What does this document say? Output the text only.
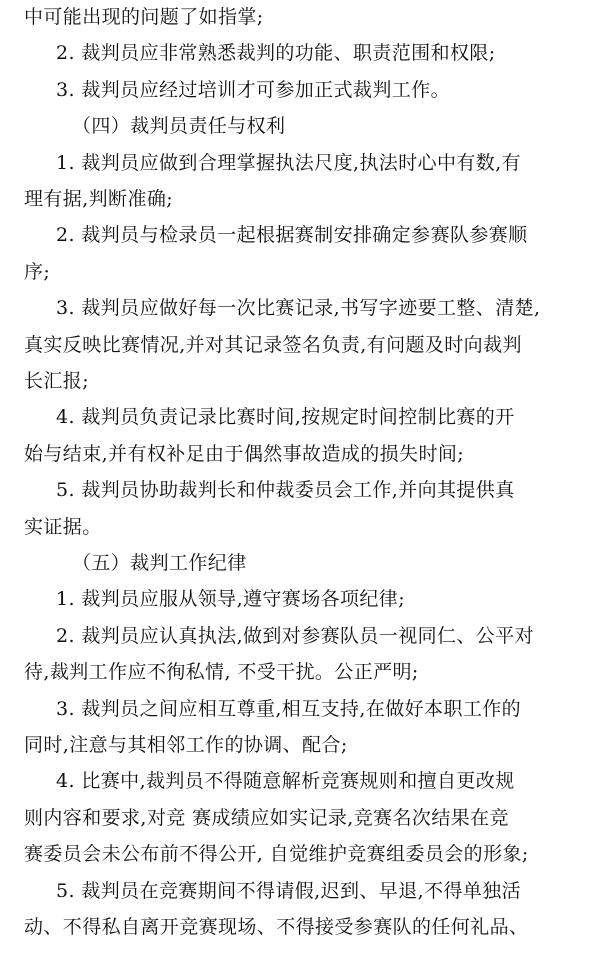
中可能出现的问题了如指掌;
2. 裁判员应非常熟悉裁判的功能、职责范围和权限;
3. 裁判员应经过培训才可参加正式裁判工作。
（四）裁判员责任与权利
1. 裁判员应做到合理掌握执法尺度,执法时心中有数,有
理有据,判断准确;
2. 裁判员与检录员一起根据赛制安排确定参赛队参赛顺
序;
3. 裁判员应做好每一次比赛记录,书写字迹要工整、清楚,
真实反映比赛情况,并对其记录签名负责,有问题及时向裁判
长汇报;
4. 裁判员负责记录比赛时间,按规定时间控制比赛的开
始与结束,并有权补足由于偶然事故造成的损失时间;
5. 裁判员协助裁判长和仲裁委员会工作,并向其提供真
实证据。
（五）裁判工作纪律
1. 裁判员应服从领导,遵守赛场各项纪律;
2. 裁判员应认真执法,做到对参赛队员一视同仁、公平对
待,裁判工作应不徇私情, 不受干扰。公正严明;
3. 裁判员之间应相互尊重,相互支持,在做好本职工作的
同时,注意与其相邻工作的协调、配合;
4. 比赛中,裁判员不得随意解析竞赛规则和擅自更改规
则内容和要求,对竞 赛成绩应如实记录,竞赛名次结果在竞
赛委员会未公布前不得公开, 自觉维护竞赛组委员会的形象;
5. 裁判员在竞赛期间不得请假,迟到、早退,不得单独活
动、不得私自离开竞赛现场、不得接受参赛队的任何礼品、
